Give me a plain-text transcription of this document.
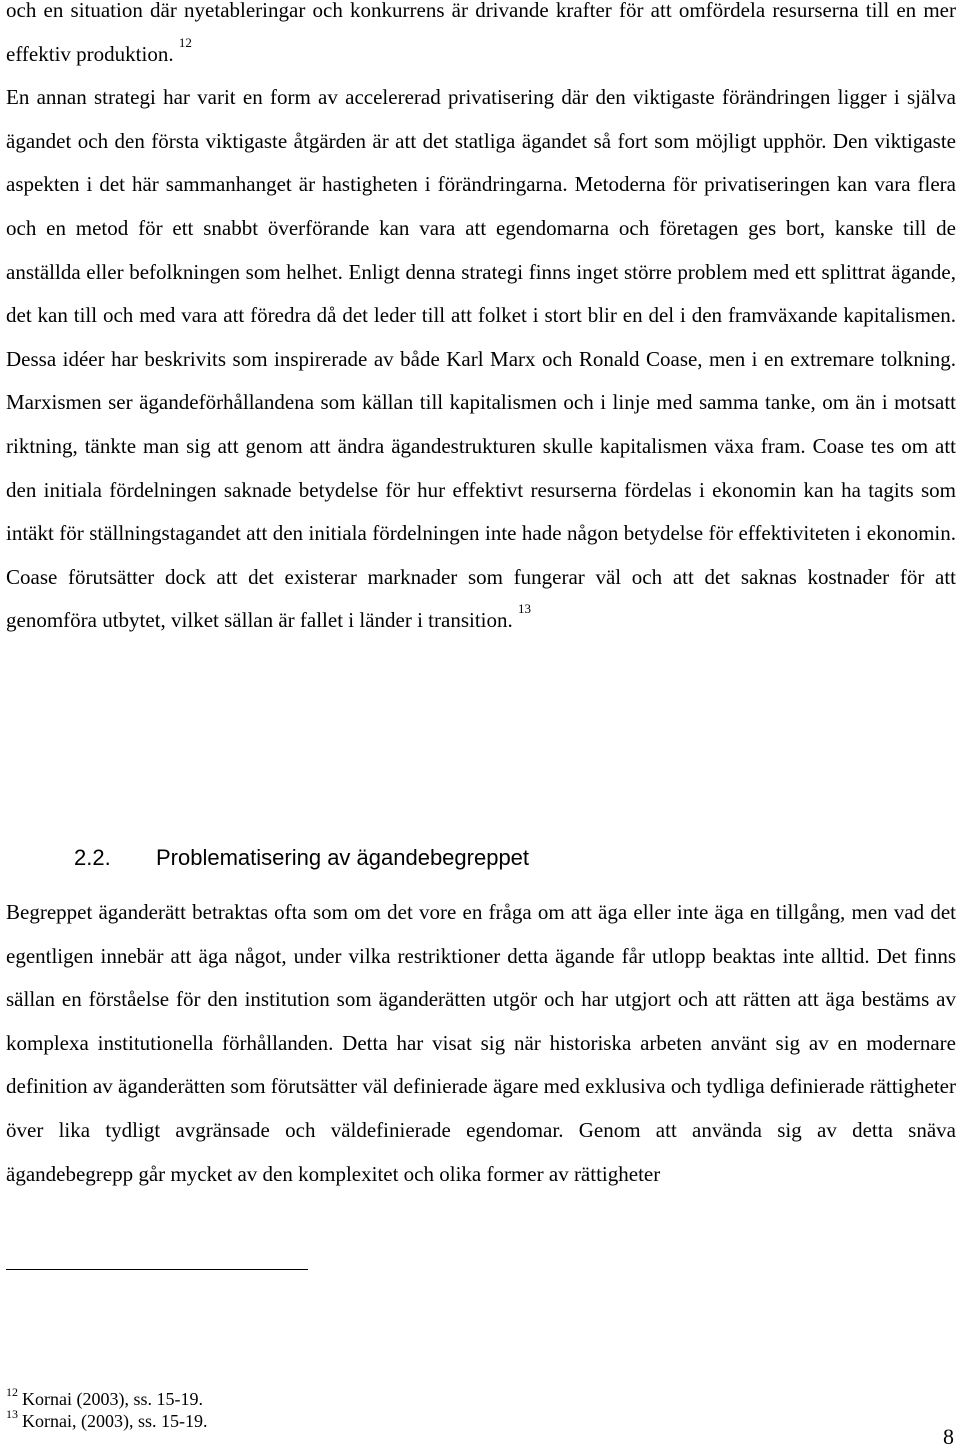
och en situation där nyetableringar och konkurrens är drivande krafter för att omfördela resurserna till en mer effektiv produktion. $^{12}$
En annan strategi har varit en form av accelererad privatisering där den viktigaste förändringen ligger i själva ägandet och den första viktigaste åtgärden är att det statliga ägandet så fort som möjligt upphör. Den viktigaste aspekten i det här sammanhanget är hastigheten i förändringarna. Metoderna för privatiseringen kan vara flera och en metod för ett snabbt överförande kan vara att egendomarna och företagen ges bort, kanske till de anställda eller befolkningen som helhet. Enligt denna strategi finns inget större problem med ett splittrat ägande, det kan till och med vara att föredra då det leder till att folket i stort blir en del i den framväxande kapitalismen. Dessa idéer har beskrivits som inspirerade av både Karl Marx och Ronald Coase, men i en extremare tolkning. Marxismen ser ägandeförhållandena som källan till kapitalismen och i linje med samma tanke, om än i motsatt riktning, tänkte man sig att genom att ändra ägandestrukturen skulle kapitalismen växa fram. Coase tes om att den initiala fördelningen saknade betydelse för hur effektivt resurserna fördelas i ekonomin kan ha tagits som intäkt för ställningstagandet att den initiala fördelningen inte hade någon betydelse för effektiviteten i ekonomin. Coase förutsätter dock att det existerar marknader som fungerar väl och att det saknas kostnader för att genomföra utbytet, vilket sällan är fallet i länder i transition. $^{13}$

2.2. Problematisering av ägandebegreppet

Begreppet äganderätt betraktas ofta som om det vore en fråga om att äga eller inte äga en tillgång, men vad det egentligen innebär att äga något, under vilka restriktioner detta ägande får utlopp beaktas inte alltid. Det finns sällan en förståelse för den institution som äganderätten utgör och har utgjort och att rätten att äga bestäms av komplexa institutionella förhållanden. Detta har visat sig när historiska arbeten använt sig av en modernare definition av äganderätten som förutsätter väl definierade ägare med exklusiva och tydliga definierade rättigheter över lika tydligt avgränsade och väldefinierade egendomar. Genom att använda sig av detta snäva ägandebegrepp går mycket av den komplexitet och olika former av rättigheter

$^{12}$ Kornai (2003), ss. 15-19.
$^{13}$ Kornai, (2003), ss. 15-19.
8
